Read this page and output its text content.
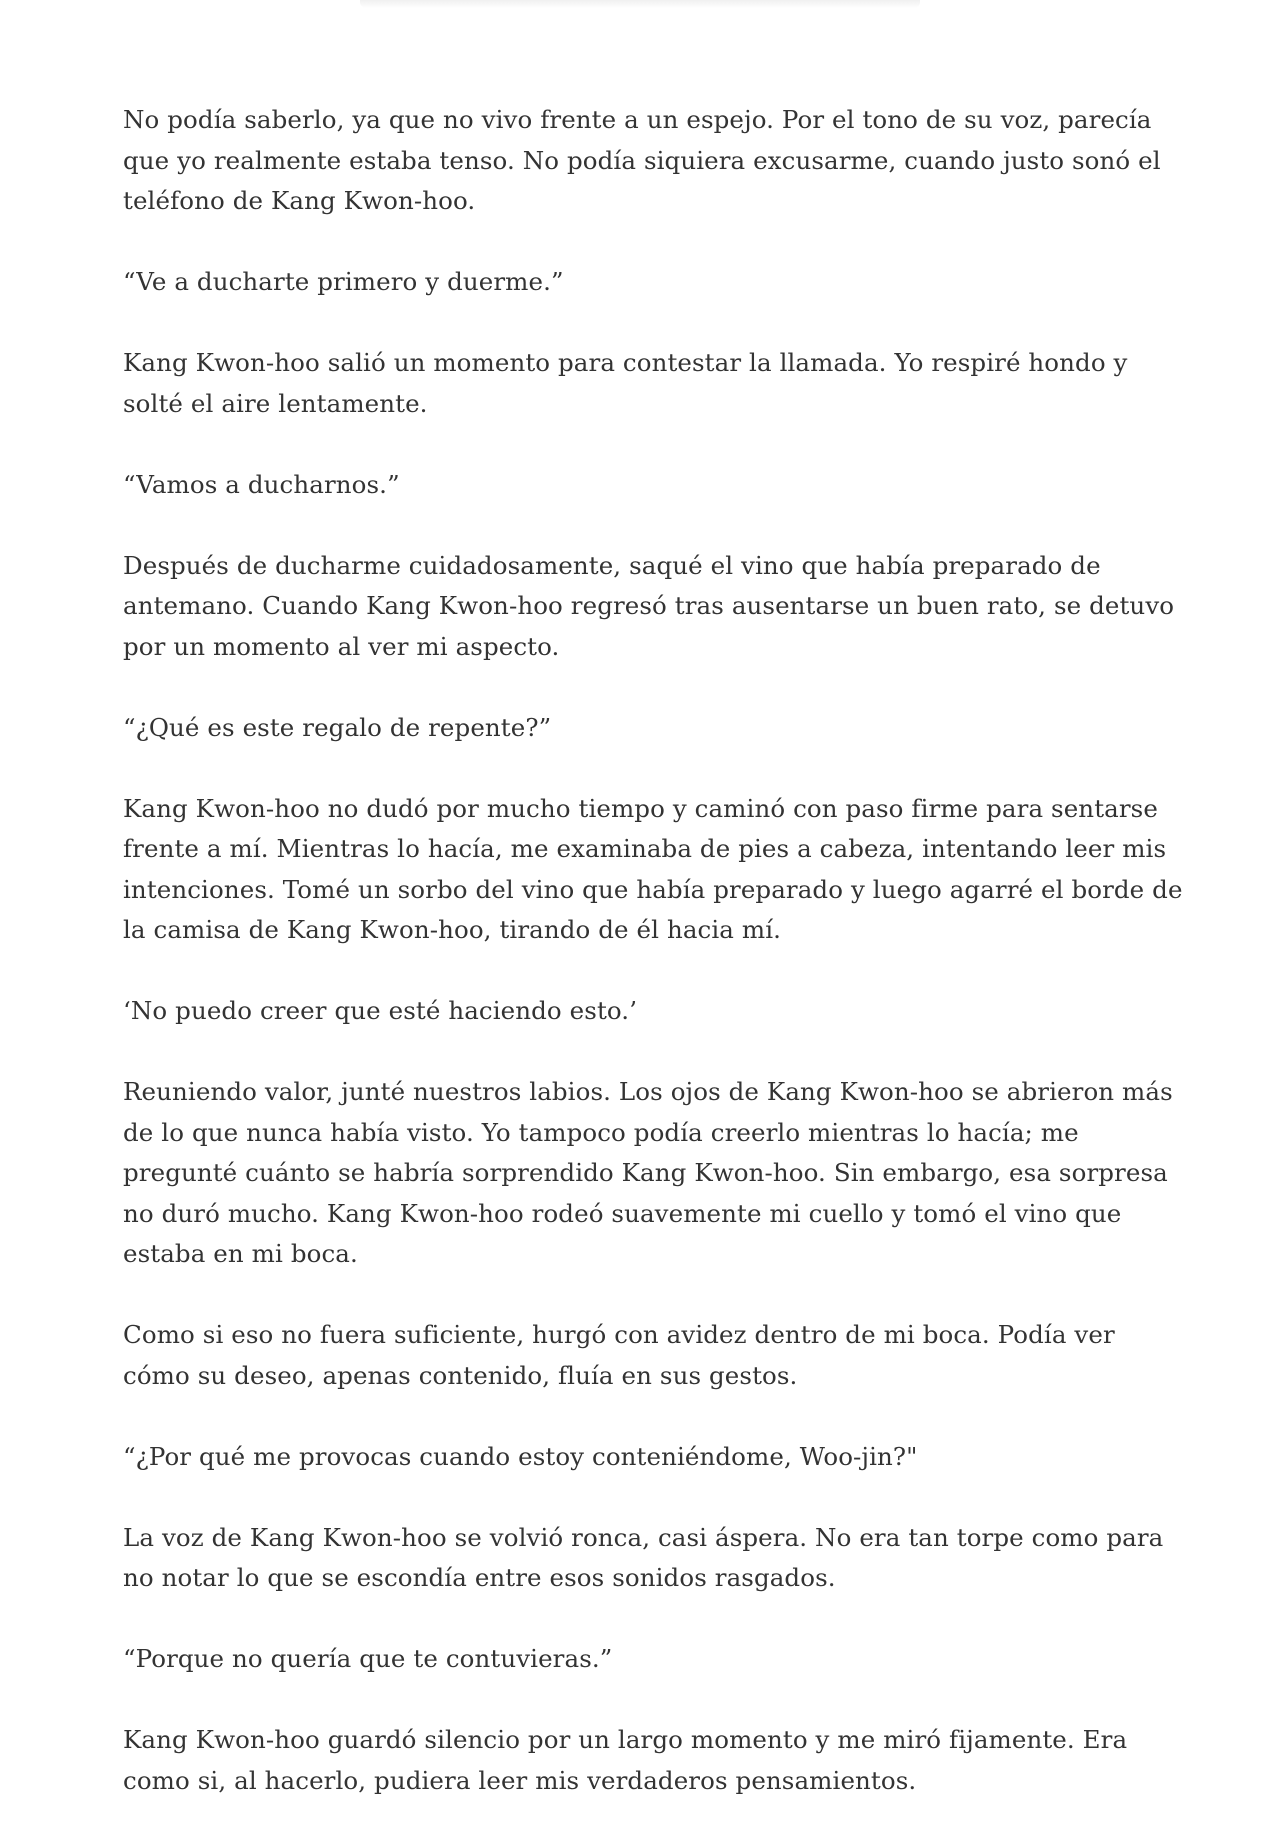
No podía saberlo, ya que no vivo frente a un espejo. Por el tono de su voz, parecía que yo realmente estaba tenso. No podía siquiera excusarme, cuando justo sonó el teléfono de Kang Kwon-hoo.

“Ve a ducharte primero y duerme.”

Kang Kwon-hoo salió un momento para contestar la llamada. Yo respiré hondo y solté el aire lentamente.

“Vamos a ducharnos.”

Después de ducharme cuidadosamente, saqué el vino que había preparado de antemano. Cuando Kang Kwon-hoo regresó tras ausentarse un buen rato, se detuvo por un momento al ver mi aspecto.

“¿Qué es este regalo de repente?”

Kang Kwon-hoo no dudó por mucho tiempo y caminó con paso firme para sentarse frente a mí. Mientras lo hacía, me examinaba de pies a cabeza, intentando leer mis intenciones. Tomé un sorbo del vino que había preparado y luego agarré el borde de la camisa de Kang Kwon-hoo, tirando de él hacia mí.

‘No puedo creer que esté haciendo esto.’

Reuniendo valor, junté nuestros labios. Los ojos de Kang Kwon-hoo se abrieron más de lo que nunca había visto. Yo tampoco podía creerlo mientras lo hacía; me pregunté cuánto se habría sorprendido Kang Kwon-hoo. Sin embargo, esa sorpresa no duró mucho. Kang Kwon-hoo rodeó suavemente mi cuello y tomó el vino que estaba en mi boca.

Como si eso no fuera suficiente, hurgó con avidez dentro de mi boca. Podía ver cómo su deseo, apenas contenido, fluía en sus gestos.

“¿Por qué me provocas cuando estoy conteniéndome, Woo-jin?"

La voz de Kang Kwon-hoo se volvió ronca, casi áspera. No era tan torpe como para no notar lo que se escondía entre esos sonidos rasgados.

“Porque no quería que te contuvieras.”

Kang Kwon-hoo guardó silencio por un largo momento y me miró fijamente. Era como si, al hacerlo, pudiera leer mis verdaderos pensamientos.
